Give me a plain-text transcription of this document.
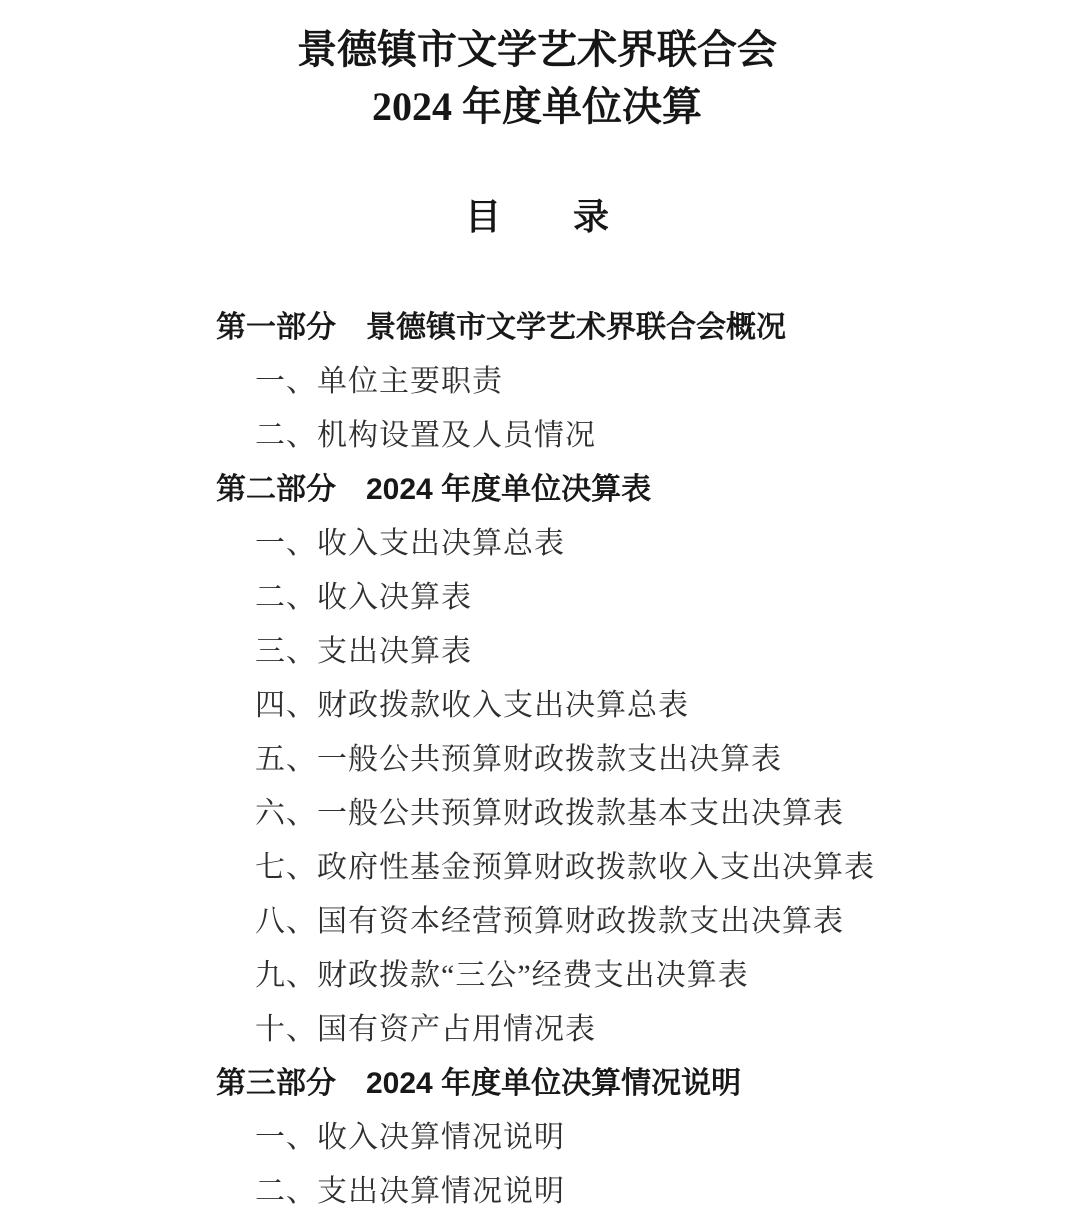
景德镇市文学艺术界联合会
2024 年度单位决算
目　　录
第一部分　景德镇市文学艺术界联合会概况
一、单位主要职责
二、机构设置及人员情况
第二部分　2024 年度单位决算表
一、收入支出决算总表
二、收入决算表
三、支出决算表
四、财政拨款收入支出决算总表
五、一般公共预算财政拨款支出决算表
六、一般公共预算财政拨款基本支出决算表
七、政府性基金预算财政拨款收入支出决算表
八、国有资本经营预算财政拨款支出决算表
九、财政拨款“三公”经费支出决算表
十、国有资产占用情况表
第三部分　2024 年度单位决算情况说明
一、收入决算情况说明
二、支出决算情况说明
